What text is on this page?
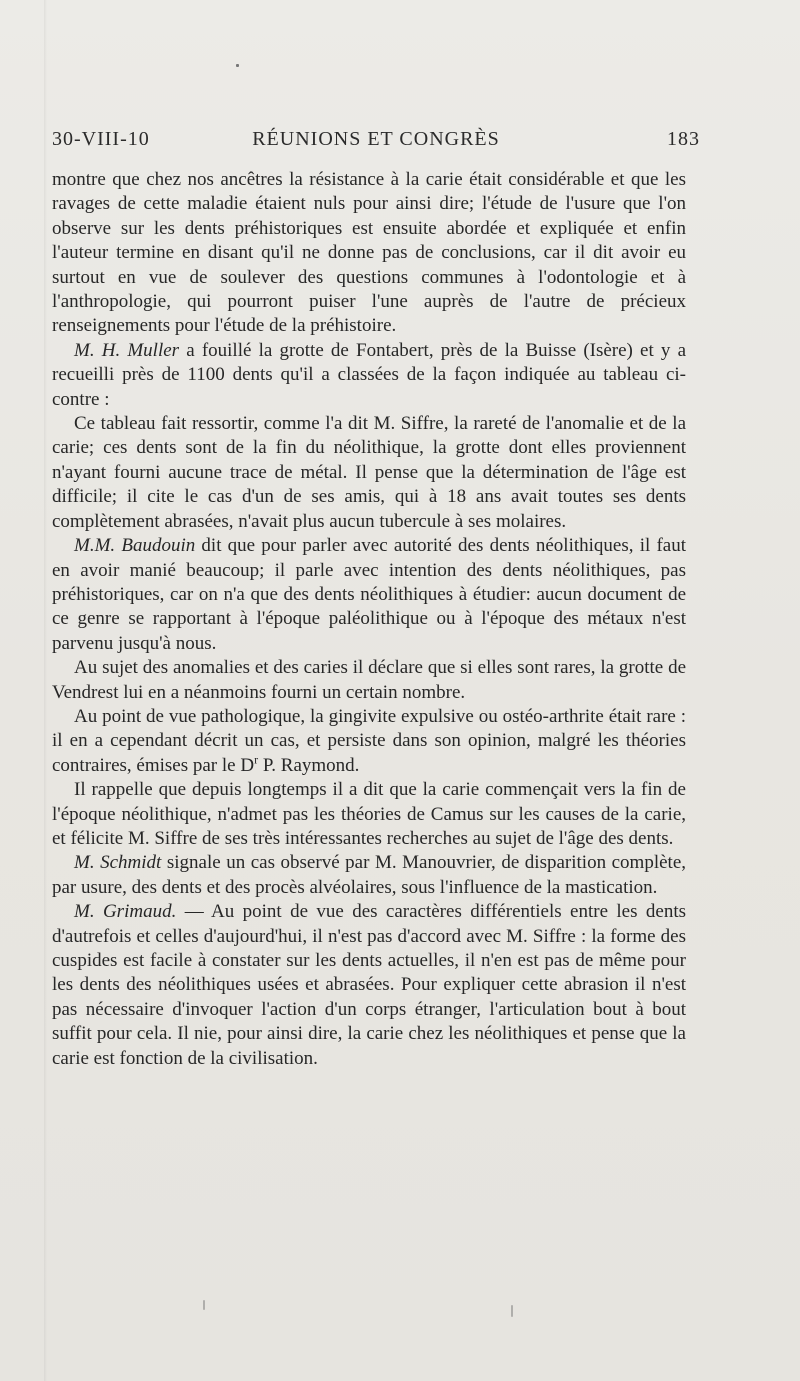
30-VIII-10	RÉUNIONS ET CONGRÈS	183

montre que chez nos ancêtres la résistance à la carie était considérable et que les ravages de cette maladie étaient nuls pour ainsi dire; l'étude de l'usure que l'on observe sur les dents préhistoriques est ensuite abordée et expliquée et enfin l'auteur termine en disant qu'il ne donne pas de conclusions, car il dit avoir eu surtout en vue de soulever des questions communes à l'odontologie et à l'anthropologie, qui pourront puiser l'une auprès de l'autre de précieux renseignements pour l'étude de la préhistoire.

M. H. Muller a fouillé la grotte de Fontabert, près de la Buisse (Isère) et y a recueilli près de 1100 dents qu'il a classées de la façon indiquée au tableau ci-contre :

Ce tableau fait ressortir, comme l'a dit M. Siffre, la rareté de l'anomalie et de la carie; ces dents sont de la fin du néolithique, la grotte dont elles proviennent n'ayant fourni aucune trace de métal. Il pense que la détermination de l'âge est difficile; il cite le cas d'un de ses amis, qui à 18 ans avait toutes ses dents complètement abrasées, n'avait plus aucun tubercule à ses molaires.

M.M. Baudouin dit que pour parler avec autorité des dents néolithiques, il faut en avoir manié beaucoup; il parle avec intention des dents néolithiques, pas préhistoriques, car on n'a que des dents néolithiques à étudier: aucun document de ce genre se rapportant à l'époque paléolithique ou à l'époque des métaux n'est parvenu jusqu'à nous.

Au sujet des anomalies et des caries il déclare que si elles sont rares, la grotte de Vendrest lui en a néanmoins fourni un certain nombre.

Au point de vue pathologique, la gingivite expulsive ou ostéo-arthrite était rare : il en a cependant décrit un cas, et persiste dans son opinion, malgré les théories contraires, émises par le $D^r$ P. Raymond.

Il rappelle que depuis longtemps il a dit que la carie commençait vers la fin de l'époque néolithique, n'admet pas les théories de Camus sur les causes de la carie, et félicite M. Siffre de ses très intéressantes recherches au sujet de l'âge des dents.

M. Schmidt signale un cas observé par M. Manouvrier, de disparition complète, par usure, des dents et des procès alvéolaires, sous l'influence de la mastication.

M. Grimaud. — Au point de vue des caractères différentiels entre les dents d'autrefois et celles d'aujourd'hui, il n'est pas d'accord avec M. Siffre : la forme des cuspides est facile à constater sur les dents actuelles, il n'en est pas de même pour les dents des néolithiques usées et abrasées. Pour expliquer cette abrasion il n'est pas nécessaire d'invoquer l'action d'un corps étranger, l'articulation bout à bout suffit pour cela. Il nie, pour ainsi dire, la carie chez les néolithiques et pense que la carie est fonction de la civilisation.
